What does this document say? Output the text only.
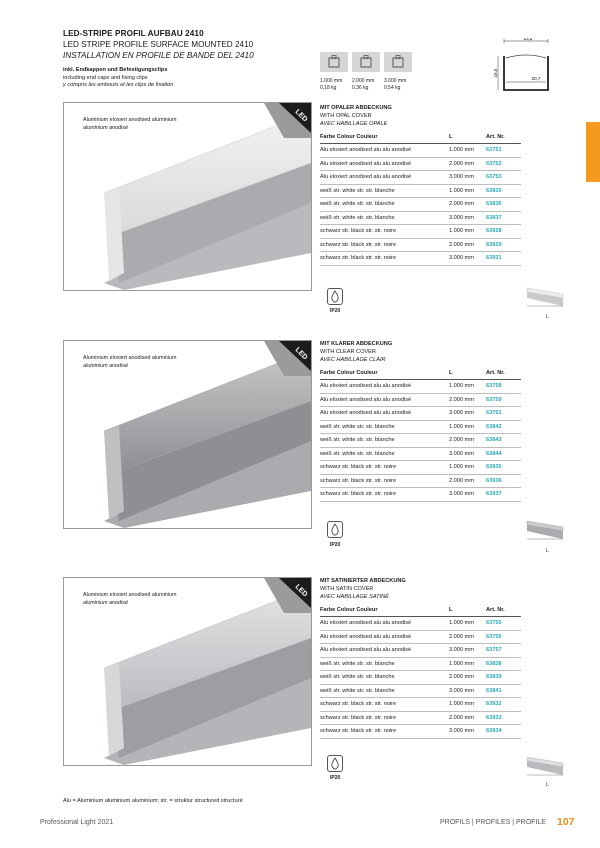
LED-STRIPE PROFIL AUFBAU 2410
LED STRIPE PROFILE SURFACE MOUNTED 2410
INSTALLATION EN PROFILE DE BANDE DEL 2410
inkl. Endkappen und Befestigungsclips
including end caps and fixing clips
y compris les embouts et les clips de fixation
1.000 mm
0,18 kg
2.000 mm
0,36 kg
3.000 mm
0,54 kg
23,5
16,5
20,7
LED
Aluminium eloxiert anodised aluminium
aluminium anodisé
MIT OPALER ABDECKUNG
WITH OPAL COVER
AVEC HABILLAGE OPALE
Farbe Colour Couleur	L	Art. Nr.
Alu eloxiert anodised alu alu anodisé	1.000 mm	63751
Alu eloxiert anodised alu alu anodisé	2.000 mm	63752
Alu eloxiert anodised alu alu anodisé	3.000 mm	63753
weiß str. white str. str. blanche	1.000 mm	63835
weiß str. white str. str. blanche	2.000 mm	63836
weiß str. white str. str. blanche	3.000 mm	63837
schwarz str. black str. str. noire	1.000 mm	63928
schwarz str. black str. str. noire	2.000 mm	63929
schwarz str. black str. str. noire	3.000 mm	63931
IP20
L
LED
Aluminium eloxiert anodised aluminium
aluminium anodisé
MIT KLARER ABDECKUNG
WITH CLEAR COVER
AVEC HABILLAGE CLAIR
Farbe Colour Couleur	L	Art. Nr.
Alu eloxiert anodised alu alu anodisé	1.000 mm	63758
Alu eloxiert anodised alu alu anodisé	2.000 mm	63759
Alu eloxiert anodised alu alu anodisé	3.000 mm	63761
weiß str. white str. str. blanche	1.000 mm	63842
weiß str. white str. str. blanche	2.000 mm	63843
weiß str. white str. str. blanche	3.000 mm	63844
schwarz str. black str. str. noire	1.000 mm	63935
schwarz str. black str. str. noire	2.000 mm	63936
schwarz str. black str. str. noire	3.000 mm	63937
IP20
L
LED
Aluminium eloxiert anodised aluminium
aluminium anodisé
MIT SATINIERTER ABDECKUNG
WITH SATIN COVER
AVEC HABILLAGE SATINÉ
Farbe Colour Couleur	L	Art. Nr.
Alu eloxiert anodised alu alu anodisé	1.000 mm	63755
Alu eloxiert anodised alu alu anodisé	2.000 mm	63756
Alu eloxiert anodised alu alu anodisé	3.000 mm	63757
weiß str. white str. str. blanche	1.000 mm	63838
weiß str. white str. str. blanche	2.000 mm	63839
weiß str. white str. str. blanche	3.000 mm	63841
schwarz str. black str. str. noire	1.000 mm	63932
schwarz str. black str. str. noire	2.000 mm	63933
schwarz str. black str. str. noire	3.000 mm	63934
IP20
L
Alu = Aluminium aluminium aluminium; str. = struktur structured structuré
Professional Light 2021	PROFILS | PROFILES | PROFILE 107
